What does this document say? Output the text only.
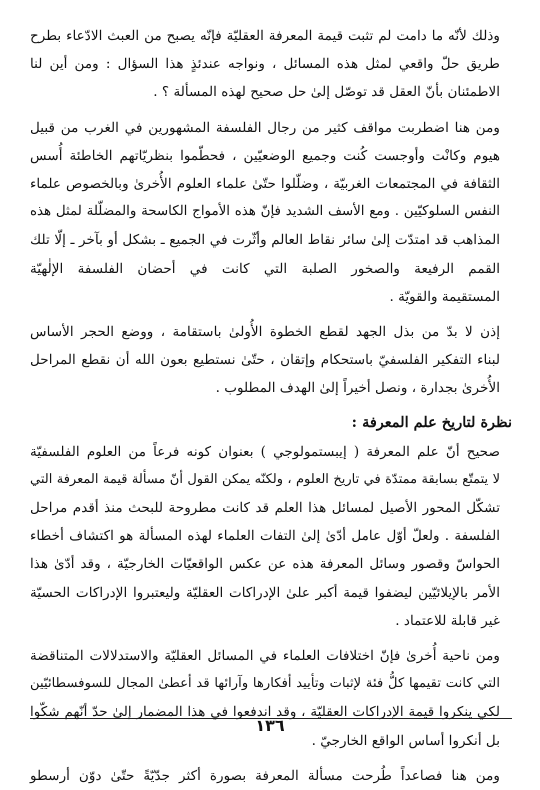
وذلك لأنّه ما دامت لم تثبت قيمة المعرفة العقليّة فإنّه يصبح من العبث الادّعاء بطرح
طريق حلّ واقعي لمثل هذه المسائل ، ونواجه عندئذٍ هذا السؤال : ومن أين لنا
الاطمئنان بأنّ العقل قد توصّل إلىٰ حل صحيح لهذه المسألة ؟ .

ومن هنا اضطربت مواقف كثير من رجال الفلسفة المشهورين في الغرب من قبيل
هيوم وكانْت وأوجست كُنت وجميع الوضعيّين ، فحطّموا بنظريّاتهم الخاطئة أُسس
الثقافة في المجتمعات الغربيّة ، وضلّلوا حتّىٰ علماء العلوم الأُخرىٰ وبالخصوص علماء
النفس السلوكيّين . ومع الأسف الشديد فإنّ هذه الأمواج الكاسحة والمضلّلة لمثل هذه
المذاهب قد امتدّت إلىٰ سائر نقاط العالم وأثّرت في الجميع ـ بشكل أو بآخر ـ إلّا تلك
القمم الرفيعة والصخور الصلبة التي كانت في أحضان الفلسفة الإلٰهيّة
المستقيمة والقويّة .

إذن لا بدّ من بذل الجهد لقطع الخطوة الأُولىٰ باستقامة ، ووضع الحجر الأساس
لبناء التفكير الفلسفيّ باستحكام وإتقان ، حتّىٰ نستطيع بعون الله أن نقطع المراحل
الأُخرىٰ بجدارة ، ونصل أخيراً إلىٰ الهدف المطلوب .

نظرة لتاريخ علم المعرفة :

صحيح أنّ علم المعرفة ( إيبستمولوجي ) بعنوان كونه فرعاً من العلوم الفلسفيّة
لا يتمتّع بسابقة ممتدّة في تاريخ العلوم ، ولكنّه يمكن القول أنّ مسألة قيمة المعرفة التي
تشكّل المحور الأصيل لمسائل هذا العلم قد كانت مطروحة للبحث منذ أقدم مراحل
الفلسفة . ولعلّ أوّل عامل أدّىٰ إلىٰ التفات العلماء لهذه المسألة هو اكتشاف أخطاء
الحواسّ وقصور وسائل المعرفة هذه عن عكس الواقعيّات الخارجيّة ، وقد أدّىٰ هذا
الأمر بالإيلائيّين ليضفوا قيمة أكبر علىٰ الإدراكات العقليّة وليعتبروا الإدراكات الحسيّة
غير قابلة للاعتماد .

ومن ناحية أُخرىٰ فإنّ اختلافات العلماء في المسائل العقليّة والاستدلالات المتناقضة
التي كانت تقيمها كلُّ فئة لإثبات وتأييد أفكارها وآرائها قد أعطىٰ المجال للسوفسطائيّين
لكي ينكروا قيمة الإدراكات العقليّة ، وقد اندفعوا في هذا المضمار إلىٰ حدّ أنّهم شكّوا
بل أنكروا أساس الواقع الخارجيّ .

ومن هنا فصاعداً طُرحت مسألة المعرفة بصورة أكثر جدّيّةً حتّىٰ دوّن أرسطو

١٣٦
